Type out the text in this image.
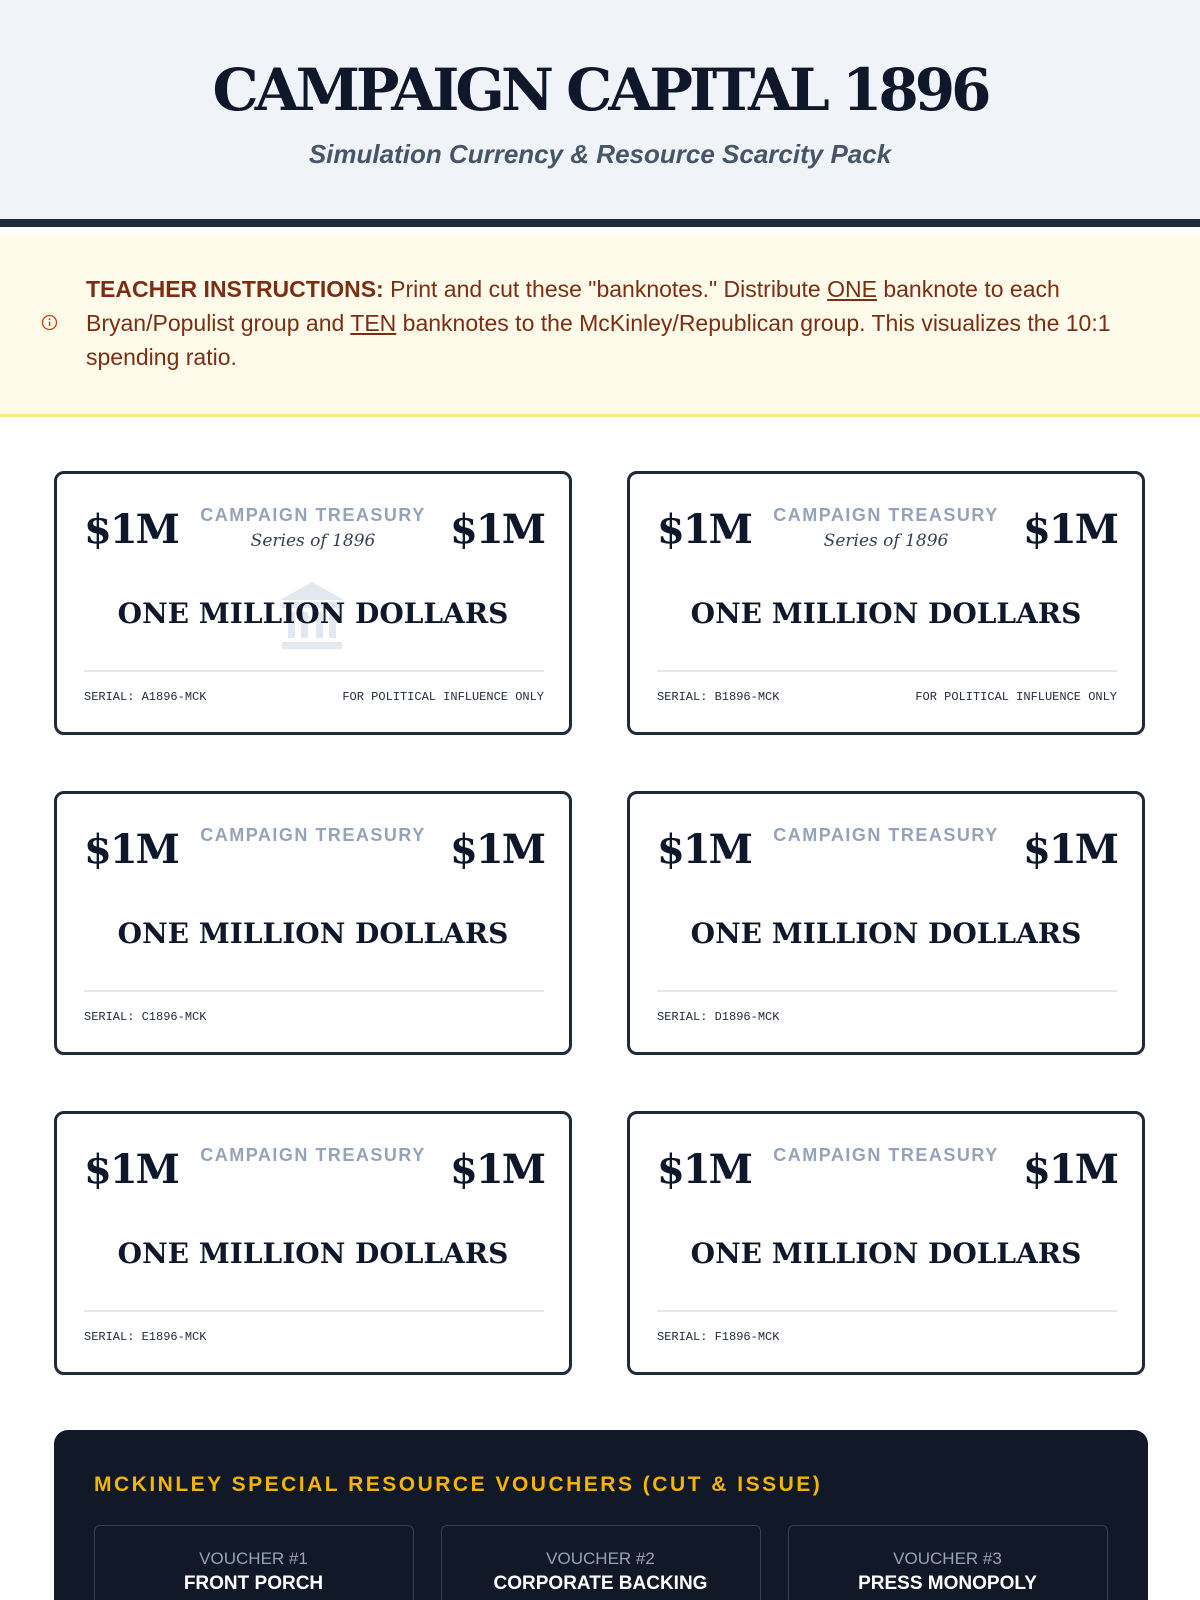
CAMPAIGN CAPITAL 1896
Simulation Currency & Resource Scarcity Pack
TEACHER INSTRUCTIONS: Print and cut these "banknotes." Distribute ONE banknote to each Bryan/Populist group and TEN banknotes to the McKinley/Republican group. This visualizes the 10:1 spending ratio.
$1M	CAMPAIGN TREASURY $1M
Series of 1896
ONE MILLION DOLLARS
SERIAL: A1896-MCK	FOR POLITICAL INFLUENCE ONLY
$1M	CAMPAIGN TREASURY $1M
Series of 1896
ONE MILLION DOLLARS
SERIAL: B1896-MCK	FOR POLITICAL INFLUENCE ONLY
$1M	CAMPAIGN TREASURY $1M
ONE MILLION DOLLARS
SERIAL: C1896-MCK
$1M	CAMPAIGN TREASURY $1M
ONE MILLION DOLLARS
SERIAL: D1896-MCK
$1M	CAMPAIGN TREASURY $1M
ONE MILLION DOLLARS
SERIAL: E1896-MCK
$1M	CAMPAIGN TREASURY $1M
ONE MILLION DOLLARS
SERIAL: F1896-MCK
MCKINLEY SPECIAL RESOURCE VOUCHERS (CUT & ISSUE)
VOUCHER #1
FRONT PORCH
VOUCHER #2
CORPORATE BACKING
VOUCHER #3
PRESS MONOPOLY
